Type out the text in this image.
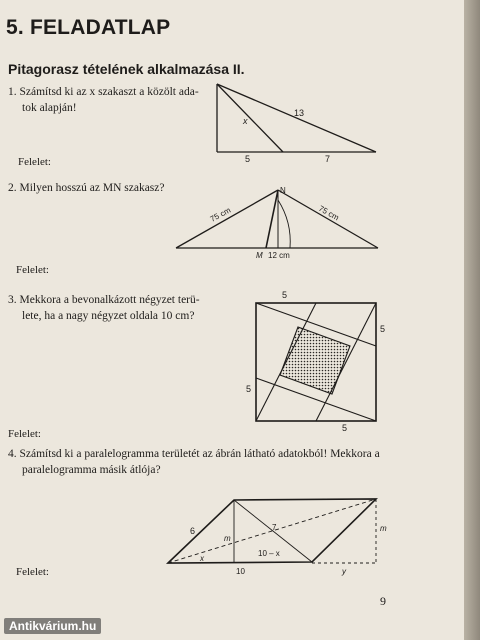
5. FELADATLAP
Pitagorasz tételének alkalmazása II.
1. Számítsd ki az x szakaszt a közölt ada-
tok alapján!
Felelet:
x
13
5	7
2. Milyen hosszú az MN szakasz?
Felelet:
N
M
75 cm	75 cm
12 cm
3. Mekkora a bevonalkázott négyzet terü-
lete, ha a nagy négyzet oldala 10 cm?
Felelet:
5
5
5
5
4. Számítsd ki a paralelogramma területét az ábrán látható adatokból! Mekkora a
paralelogramma másik átlója?
Felelet:
6
m
7
10 – x
x
10	y
m
9
Antikvárium.hu
